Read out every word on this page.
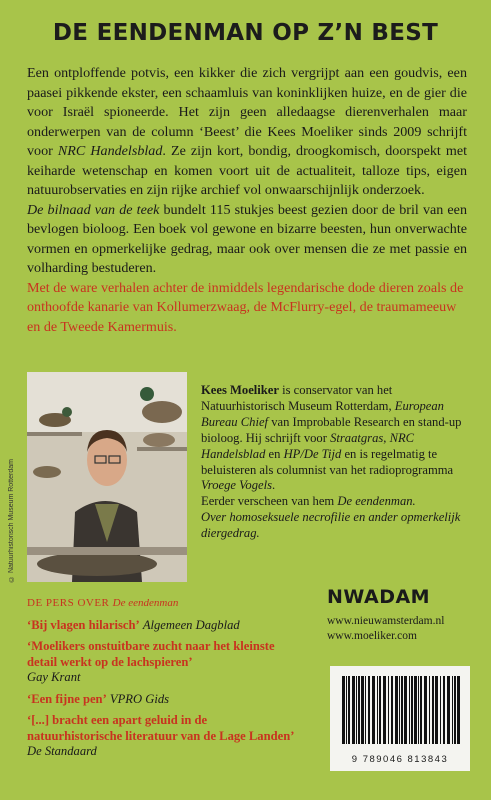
DE EENDENMAN OP Z’N BEST

Een ontploffende potvis, een kikker die zich vergrijpt aan een goudvis, een paasei pikkende ekster, een schaamluis van koninklijken huize, en de gier die voor Israël spioneerde. Het zijn geen alledaagse dierenverhalen maar onderwerpen van de column ‘Beest’ die Kees Moeliker sinds 2009 schrijft voor NRC Handelsblad. Ze zijn kort, bondig, droogkomisch, doorspekt met keiharde wetenschap en komen voort uit de actualiteit, talloze tips, eigen natuurobservaties en zijn rijke archief vol onwaarschijnlijk onderzoek.

De bilnaad van de teek bundelt 115 stukjes beest gezien door de bril van een bevlogen bioloog. Een boek vol gewone en bizarre beesten, hun onverwachte vormen en opmerkelijke gedrag, maar ook over mensen die ze met passie en volharding bestuderen.

Met de ware verhalen achter de inmiddels legendarische dode dieren zoals de onthoofde kanarie van Kollumerzwaag, de McFlurry-egel, de traumameeuw en de Tweede Kamermuis.

© Natuurhistorisch Museum Rotterdam

Kees Moeliker is conservator van het Natuurhistorisch Museum Rotterdam, European Bureau Chief van Improbable Research en stand-up bioloog. Hij schrijft voor Straatgras, NRC Handelsblad en HP/De Tijd en is regelmatig te beluisteren als columnist van het radioprogramma Vroege Vogels.

Eerder verscheen van hem De eendenman.

Over homoseksuele necrofilie en ander opmerkelijk diergedrag.

DE PERS OVER De eendenman
‘Bij vlagen hilarisch’ Algemeen Dagblad
‘Moelikers onstuitbare zucht naar het kleinste detail werkt op de lachspieren’
Gay Krant
‘Een fijne pen’ VPRO Gids
‘[...] bracht een apart geluid in de natuurhistorische literatuur van de Lage Landen’ De Standaard
NWADAM
www.nieuwamsterdam.nl
www.moeliker.com
9 789046 813843
